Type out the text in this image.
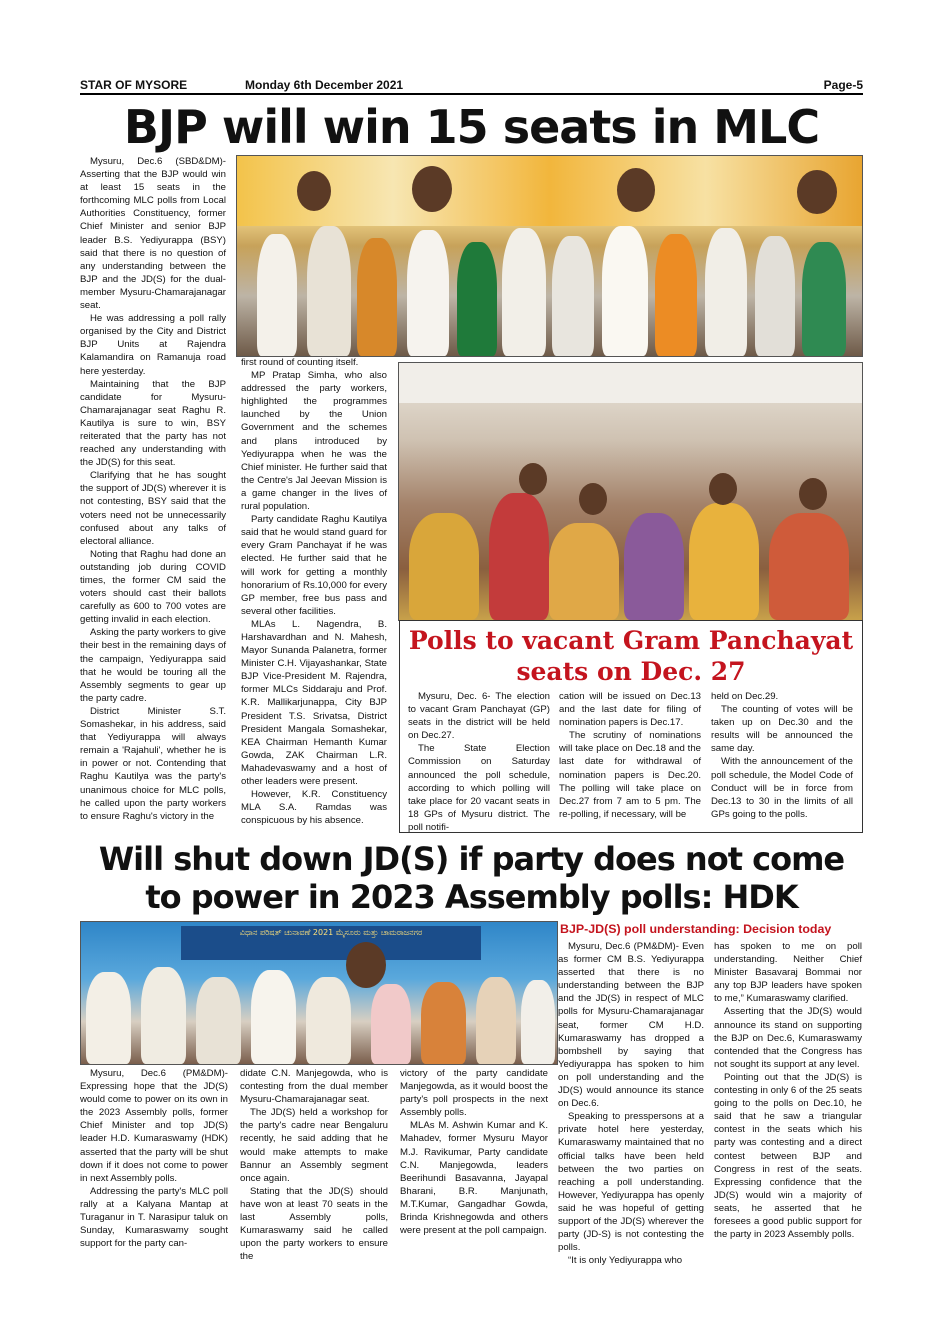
STAR OF MYSORE	Monday 6th December 2021	Page-5
BJP will win 15 seats in MLC

Mysuru, Dec.6 (SBD&DM)- Asserting that the BJP would win at least 15 seats in the forthcoming MLC polls from Local Authorities Constituency, former Chief Minister and senior BJP leader B.S. Yediyurappa (BSY) said that there is no question of any understanding between the BJP and the JD(S) for the dual-member Mysuru-Chamarajanagar seat.

He was addressing a poll rally organised by the City and District BJP Units at Rajendra Kalamandira on Ramanuja road here yesterday.

Maintaining that the BJP candidate for Mysuru-Chamarajanagar seat Raghu R. Kautilya is sure to win, BSY reiterated that the party has not reached any understanding with the JD(S) for this seat.

Clarifying that he has sought the support of JD(S) wherever it is not contesting, BSY said that the voters need not be unnecessarily confused about any talks of electoral alliance.

Noting that Raghu had done an outstanding job during COVID times, the former CM said the voters should cast their ballots carefully as 600 to 700 votes are getting invalid in each election.

Asking the party workers to give their best in the remaining days of the campaign, Yediyurappa said that he would be touring all the Assembly segments to gear up the party cadre.

District Minister S.T. Somashekar, in his address, said that Yediyurappa will always remain a 'Rajahuli', whether he is in power or not. Contending that Raghu Kautilya was the party's unanimous choice for MLC polls, he called upon the party workers to ensure Raghu's victory in the

first round of counting itself.

MP Pratap Simha, who also addressed the party workers, highlighted the programmes launched by the Union Government and the schemes and plans introduced by Yediyurappa when he was the Chief minister. He further said that the Centre's Jal Jeevan Mission is a game changer in the lives of rural population.

Party candidate Raghu Kautilya said that he would stand guard for every Gram Panchayat if he was elected. He further said that he will work for getting a monthly honorarium of Rs.10,000 for every GP member, free bus pass and several other facilities.

MLAs L. Nagendra, B. Harshavardhan and N. Mahesh, Mayor Sunanda Palanetra, former Minister C.H. Vijayashankar, State BJP Vice-President M. Rajendra, former MLCs Siddaraju and Prof. K.R. Mallikarjunappa, City BJP President T.S. Srivatsa, District President Mangala Somashekar, KEA Chairman Hemanth Kumar Gowda, ZAK Chairman L.R. Mahadevaswamy and a host of other leaders were present.

However, K.R. Constituency MLA S.A. Ramdas was conspicuous by his absence.

Polls to vacant Gram Panchayat
seats on Dec. 27

Mysuru, Dec. 6- The election to vacant Gram Panchayat (GP) seats in the district will be held on Dec.27.

The State Election Commission on Saturday announced the poll schedule, according to which polling will take place for 20 vacant seats in 18 GPs of Mysuru district. The poll notifi-

cation will be issued on Dec.13 and the last date for filing of nomination papers is Dec.17.

The scrutiny of nominations will take place on Dec.18 and the last date for withdrawal of nomination papers is Dec.20. The polling will take place on Dec.27 from 7 am to 5 pm. The re-polling, if necessary, will be

held on Dec.29.

The counting of votes will be taken up on Dec.30 and the results will be announced the same day.

With the announcement of the poll schedule, the Model Code of Conduct will be in force from Dec.13 to 30 in the limits of all GPs going to the polls.

Will shut down JD(S) if party does not come
to power in 2023 Assembly polls: HDK
ವಿಧಾನ ಪರಿಷತ್ ಚುನಾವಣೆ 2021 ಮೈಸೂರು ಮತ್ತು ಚಾಮರಾಜನಗರ	BJP-JD(S) poll understanding: Decision today

Mysuru, Dec.6 (PM&DM)- Expressing hope that the JD(S) would come to power on its own in the 2023 Assembly polls, former Chief Minister and top JD(S) leader H.D. Kumaraswamy (HDK) asserted that the party will be shut down if it does not come to power in next Assembly polls.

Addressing the party's MLC poll rally at a Kalyana Mantap at Turaganur in T. Narasipur taluk on Sunday, Kumaraswamy sought support for the party can-

didate C.N. Manjegowda, who is contesting from the dual member Mysuru-Chamarajanagar seat.

The JD(S) held a workshop for the party's cadre near Bengaluru recently, he said adding that he would make attempts to make Bannur an Assembly segment once again.

Stating that the JD(S) should have won at least 70 seats in the last Assembly polls, Kumaraswamy said he called upon the party workers to ensure the

victory of the party candidate Manjegowda, as it would boost the party's poll prospects in the next Assembly polls.

MLAs M. Ashwin Kumar and K. Mahadev, former Mysuru Mayor M.J. Ravikumar, Party candidate C.N. Manjegowda, leaders Beerihundi Basavanna, Jayapal Bharani, B.R. Manjunath, M.T.Kumar, Gangadhar Gowda, Brinda Krishnegowda and others were present at the poll campaign.

Mysuru, Dec.6 (PM&DM)- Even as former CM B.S. Yediyurappa asserted that there is no understanding between the BJP and the JD(S) in respect of MLC polls for Mysuru-Chamarajanagar seat, former CM H.D. Kumaraswamy has dropped a bombshell by saying that Yediyurappa has spoken to him on poll understanding and the JD(S) would announce its stance on Dec.6.

Speaking to presspersons at a private hotel here yesterday, Kumaraswamy maintained that no official talks have been held between the two parties on reaching a poll understanding. However, Yediyurappa has openly said he was hopeful of getting support of the JD(S) wherever the party (JD-S) is not contesting the polls.

“It is only Yediyurappa who

has spoken to me on poll understanding. Neither Chief Minister Basavaraj Bommai nor any top BJP leaders have spoken to me,” Kumaraswamy clarified.

Asserting that the JD(S) would announce its stand on supporting the BJP on Dec.6, Kumaraswamy contended that the Congress has not sought its support at any level.

Pointing out that the JD(S) is contesting in only 6 of the 25 seats going to the polls on Dec.10, he said that he saw a triangular contest in the seats which his party was contesting and a direct contest between BJP and Congress in rest of the seats. Expressing confidence that the JD(S) would win a majority of seats, he asserted that he foresees a good public support for the party in 2023 Assembly polls.
